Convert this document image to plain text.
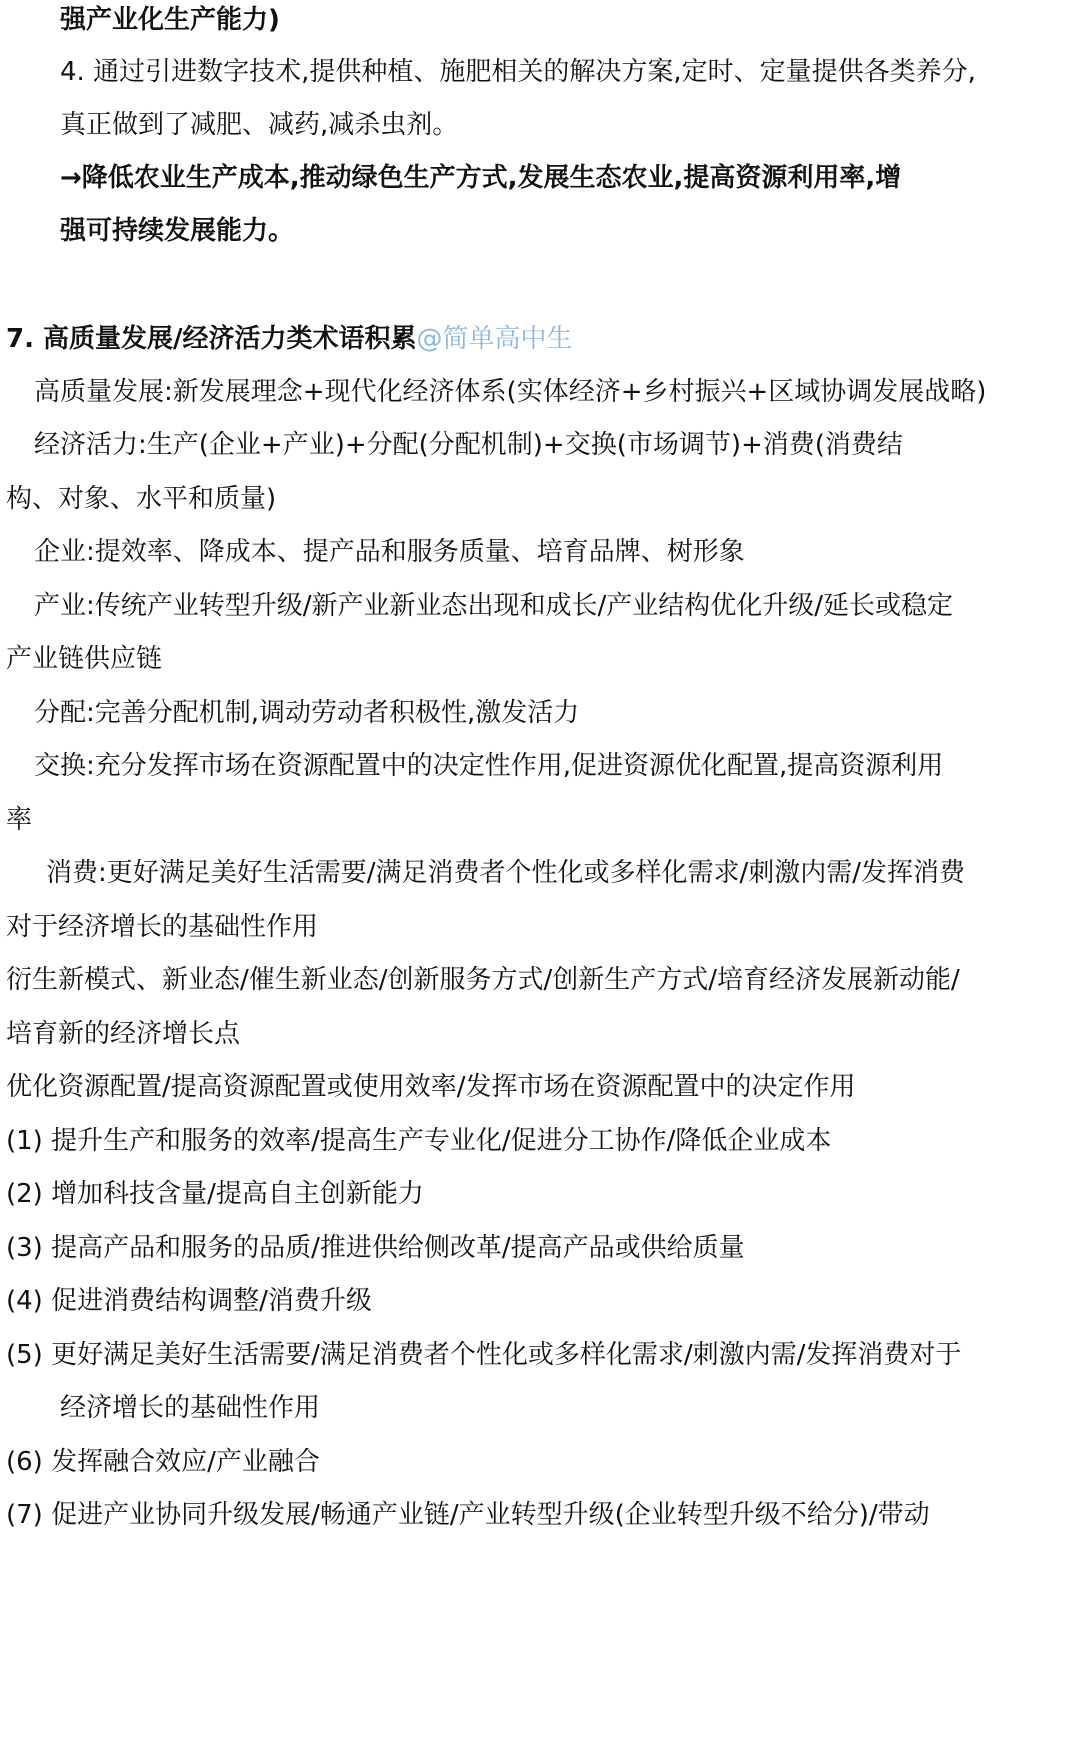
强产业化生产能力)
4. 通过引进数字技术,提供种植、施肥相关的解决方案,定时、定量提供各类养分,
真正做到了减肥、减药,减杀虫剂。
→降低农业生产成本,推动绿色生产方式,发展生态农业,提高资源利用率,增
强可持续发展能力。
7. 高质量发展/经济活力类术语积累@简单高中生
高质量发展:新发展理念+现代化经济体系(实体经济+乡村振兴+区域协调发展战略)
经济活力:生产(企业+产业)+分配(分配机制)+交换(市场调节)+消费(消费结
构、对象、水平和质量)
企业:提效率、降成本、提产品和服务质量、培育品牌、树形象
产业:传统产业转型升级/新产业新业态出现和成长/产业结构优化升级/延长或稳定
产业链供应链
分配:完善分配机制,调动劳动者积极性,激发活力
交换:充分发挥市场在资源配置中的决定性作用,促进资源优化配置,提高资源利用
率
消费:更好满足美好生活需要/满足消费者个性化或多样化需求/刺激内需/发挥消费
对于经济增长的基础性作用
衍生新模式、新业态/催生新业态/创新服务方式/创新生产方式/培育经济发展新动能/
培育新的经济增长点
优化资源配置/提高资源配置或使用效率/发挥市场在资源配置中的决定作用
(1) 提升生产和服务的效率/提高生产专业化/促进分工协作/降低企业成本
(2) 增加科技含量/提高自主创新能力
(3) 提高产品和服务的品质/推进供给侧改革/提高产品或供给质量
(4) 促进消费结构调整/消费升级
(5) 更好满足美好生活需要/满足消费者个性化或多样化需求/刺激内需/发挥消费对于
经济增长的基础性作用
(6) 发挥融合效应/产业融合
(7) 促进产业协同升级发展/畅通产业链/产业转型升级(企业转型升级不给分)/带动
